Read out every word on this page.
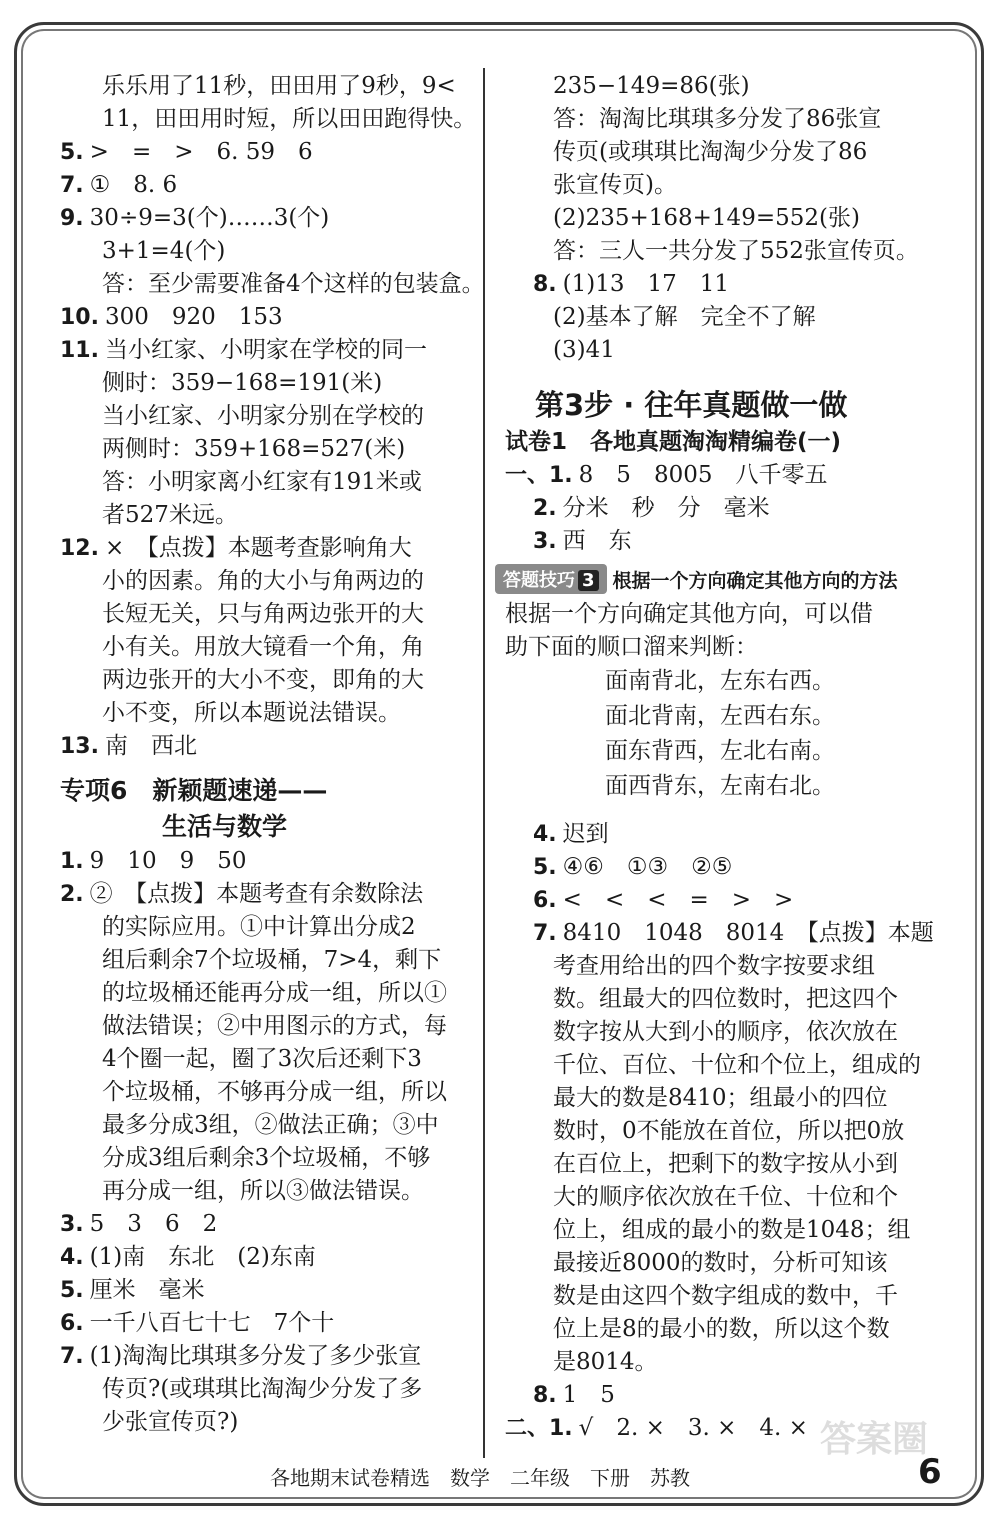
乐乐用了11秒，田田用了9秒，9<
11，田田用时短，所以田田跑得快。
5. >　=　>　6. 59　6
7. ①　8. 6
9. 30÷9=3(个)……3(个)
3+1=4(个)
答：至少需要准备4个这样的包装盒。
10. 300　920　153
11. 当小红家、小明家在学校的同一
侧时：359−168=191(米)
当小红家、小明家分别在学校的
两侧时：359+168=527(米)
答：小明家离小红家有191米或
者527米远。
12. ×　【点拨】本题考查影响角大
小的因素。角的大小与角两边的
长短无关，只与角两边张开的大
小有关。用放大镜看一个角，角
两边张开的大小不变，即角的大
小不变，所以本题说法错误。
13. 南　西北
专项6　新颖题速递——
生活与数学
1. 9　10　9　50
2. ②　【点拨】本题考查有余数除法
的实际应用。①中计算出分成2
组后剩余7个垃圾桶，7>4，剩下
的垃圾桶还能再分成一组，所以①
做法错误；②中用图示的方式，每
4个圈一起，圈了3次后还剩下3
个垃圾桶，不够再分成一组，所以
最多分成3组，②做法正确；③中
分成3组后剩余3个垃圾桶，不够
再分成一组，所以③做法错误。
3. 5　3　6　2
4. (1)南　东北　(2)东南
5. 厘米　毫米
6. 一千八百七十七　7个十
7. (1)淘淘比琪琪多分发了多少张宣
传页?(或琪琪比淘淘少分发了多
少张宣传页?)
235−149=86(张)
答：淘淘比琪琪多分发了86张宣
传页(或琪琪比淘淘少分发了86
张宣传页)。
(2)235+168+149=552(张)
答：三人一共分发了552张宣传页。
8. (1)13　17　11
(2)基本了解　完全不了解
(3)41
第3步 · 往年真题做一做
试卷1　各地真题淘淘精编卷(一)
一、1. 8　5　8005　八千零五
2. 分米　秒　分　毫米
3. 西　东
答题技巧 3 根据一个方向确定其他方向的方法
根据一个方向确定其他方向，可以借
助下面的顺口溜来判断：
面南背北，左东右西。
面北背南，左西右东。
面东背西，左北右南。
面西背东，左南右北。
4. 迟到
5. ④⑥　①③　②⑤
6. <　<　<　=　>　>
7. 8410　1048　8014　【点拨】本题
考查用给出的四个数字按要求组
数。组最大的四位数时，把这四个
数字按从大到小的顺序，依次放在
千位、百位、十位和个位上，组成的
最大的数是8410；组最小的四位
数时，0不能放在首位，所以把0放
在百位上，把剩下的数字按从小到
大的顺序依次放在千位、十位和个
位上，组成的最小的数是1048；组
最接近8000的数时，分析可知该
数是由这四个数字组成的数中，千
位上是8的最小的数，所以这个数
是8014。
8. 1　5
二、1. √　2. ×　3. ×　4. ×
各地期末试卷精选　数学　二年级　下册　苏教	6
答案圈
